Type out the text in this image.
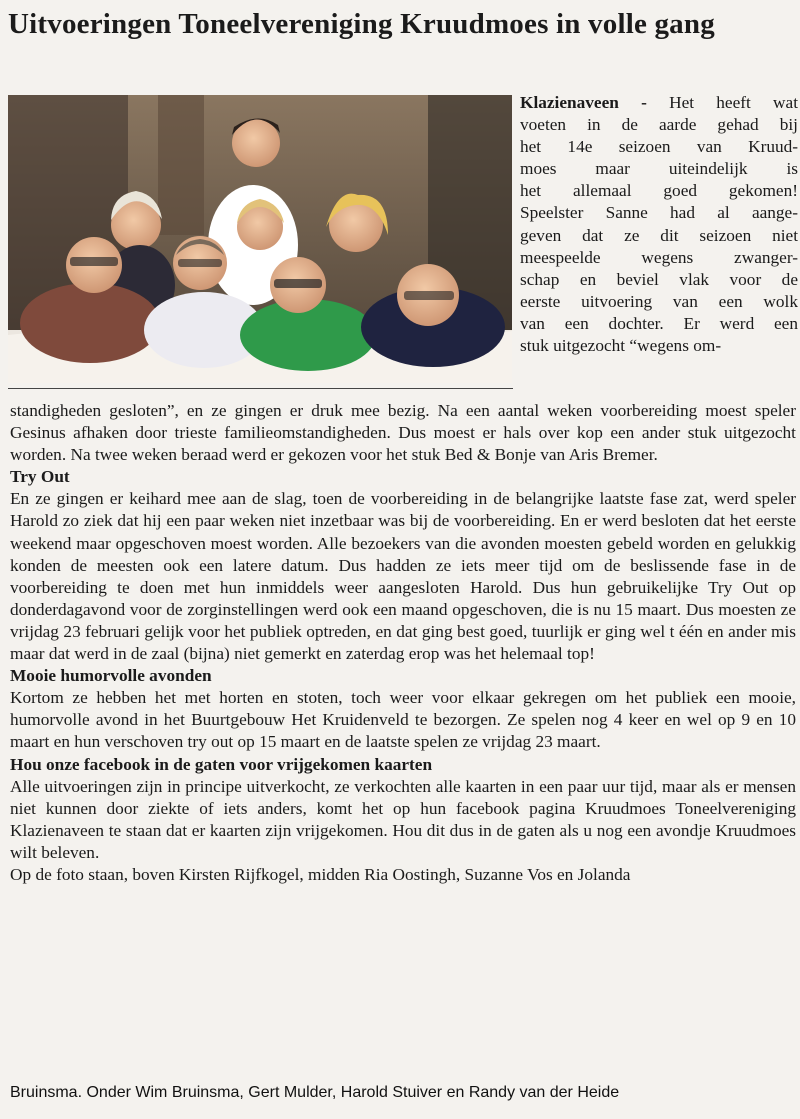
Uitvoeringen Toneelvereniging Kruudmoes in volle gang
Klazienaveen - Het heeft wat
voeten in de aarde gehad bij
het 14e seizoen van Kruud-
moes maar uiteindelijk is
het allemaal goed gekomen!
Speelster Sanne had al aange-
geven dat ze dit seizoen niet
meespeelde wegens zwanger-
schap en beviel vlak voor de
eerste uitvoering van een wolk
van een dochter. Er werd een
stuk uitgezocht “wegens om-

standigheden gesloten”, en ze gingen er druk mee bezig. Na een aantal weken voorbereiding moest speler Gesinus afhaken door trieste familieomstandigheden. Dus moest er hals over kop een ander stuk uitgezocht worden. Na twee weken beraad werd er gekozen voor het stuk Bed & Bonje van Aris Bremer.

Try Out

En ze gingen er keihard mee aan de slag, toen de voorbereiding in de belangrijke laatste fase zat, werd speler Harold zo ziek dat hij een paar weken niet inzetbaar was bij de voorbereiding. En er werd besloten dat het eerste weekend maar opgeschoven moest worden. Alle bezoekers van die avonden moesten gebeld worden en gelukkig konden de meesten ook een latere datum. Dus hadden ze iets meer tijd om de beslissende fase in de voorbereiding te doen met hun inmiddels weer aangesloten Harold. Dus hun gebruikelijke Try Out op donderdagavond voor de zorginstellingen werd ook een maand opgeschoven, die is nu 15 maart. Dus moesten ze vrijdag 23 februari gelijk voor het publiek optreden, en dat ging best goed, tuurlijk er ging wel t één en ander mis maar dat werd in de zaal (bijna) niet gemerkt en zaterdag erop was het helemaal top!

Mooie humorvolle avonden

Kortom ze hebben het met horten en stoten, toch weer voor elkaar gekregen om het publiek een mooie, humorvolle avond in het Buurtgebouw Het Kruidenveld te bezorgen. Ze spelen nog 4 keer en wel op 9 en 10 maart en hun verschoven try out op 15 maart en de laatste spelen ze vrijdag 23 maart.

Hou onze facebook in de gaten voor vrijgekomen kaarten

Alle uitvoeringen zijn in principe uitverkocht, ze verkochten alle kaarten in een paar uur tijd, maar als er mensen niet kunnen door ziekte of iets anders, komt het op hun facebook pagina Kruudmoes Toneelvereniging Klazienaveen te staan dat er kaarten zijn vrijgekomen. Hou dit dus in de gaten als u nog een avondje Kruudmoes wilt beleven.

Op de foto staan, boven Kirsten Rijfkogel, midden Ria Oostingh, Suzanne Vos en Jolanda

Bruinsma. Onder Wim Bruinsma, Gert Mulder, Harold Stuiver en Randy van der Heide
